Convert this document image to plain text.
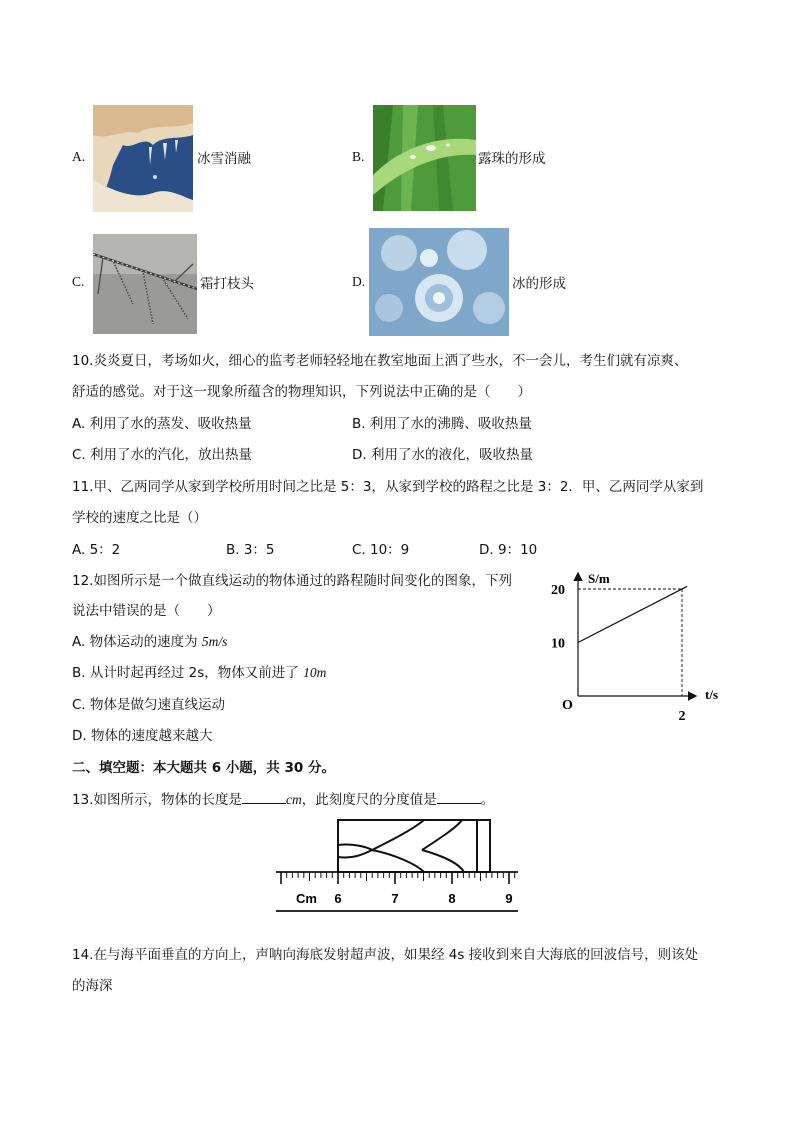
A.	冰雪消融	B.	露珠的形成
C.	霜打枝头	D.	冰的形成
10.炎炎夏日，考场如火，细心的监考老师轻轻地在教室地面上洒了些水，不一会儿，考生们就有凉爽、
舒适的感觉。对于这一现象所蕴含的物理知识，下列说法中正确的是（　　）
A. 利用了水的蒸发、吸收热量	B. 利用了水的沸腾、吸收热量
C. 利用了水的汽化，放出热量	D. 利用了水的液化，吸收热量
11.甲、乙两同学从家到学校所用时间之比是 5：3，从家到学校的路程之比是 3：2．甲、乙两同学从家到
学校的速度之比是（）
A. 5：2	B. 3：5	C. 10：9	D. 9：10
12.如图所示是一个做直线运动的物体通过的路程随时间变化的图象，下列
说法中错误的是（　　）
A. 物体运动的速度为 5m/s
B. 从计时起再经过 2s，物体又前进了 10m
C. 物体是做匀速直线运动
D. 物体的速度越来越大
S/m
t/s
O
10
20
2
二、填空题：本大题共 6 小题，共 30 分。
13.如图所示，物体的长度是	cm，此刻度尺的分度值是	。
Cm 6	7	8	9
14.在与海平面垂直的方向上，声呐向海底发射超声波，如果经 4s 接收到来自大海底的回波信号，则该处
的海深
